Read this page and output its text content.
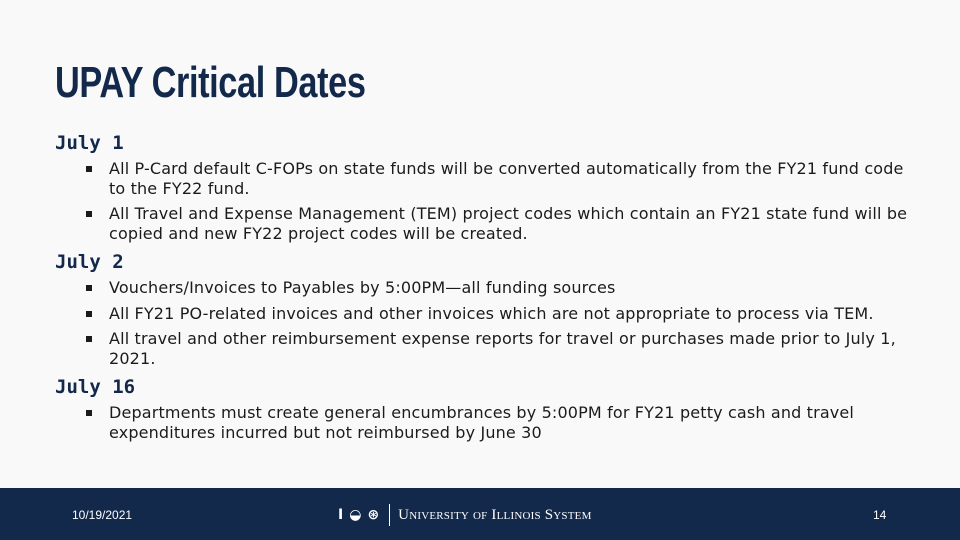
UPAY Critical Dates
July 1
All P-Card default C-FOPs on state funds will be converted automatically from the FY21 fund code to the FY22 fund.
All Travel and Expense Management (TEM) project codes which contain an FY21 state fund will be copied and new FY22 project codes will be created.
July 2
Vouchers/Invoices to Payables by 5:00PM—all funding sources
All FY21 PO-related invoices and other invoices which are not appropriate to process via TEM.
All travel and other reimbursement expense reports for travel or purchases made prior to July 1, 2021.
July 16
Departments must create general encumbrances by 5:00PM for FY21 petty cash and travel expenditures incurred but not reimbursed by June 30
10/19/2021	I ◒ ⊛ University of Illinois System	14
